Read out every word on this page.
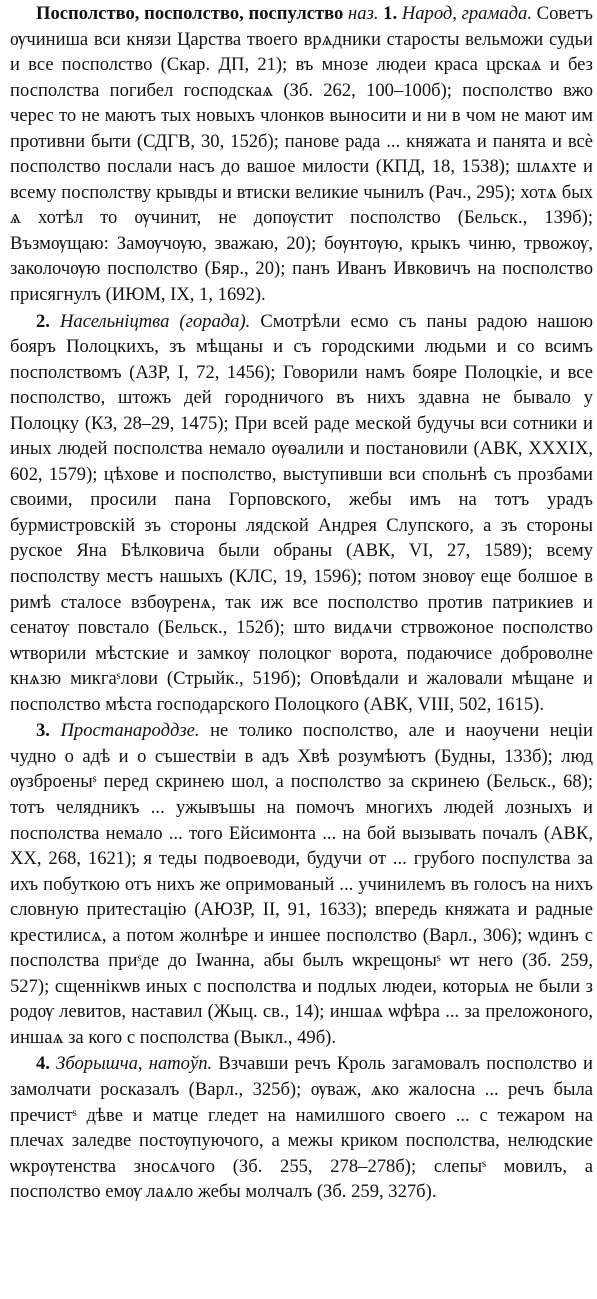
Посполство, посполство, поспулство наз. 1. Народ, грамада. Советъ ѹчиниша вси князи Царства твоего врѧдники старосты вельможи судьи и все посполство (Скар. ДП, 21); въ мнозе людеи краса црскаѧ и без посполства погибел господскаѧ (Зб. 262, 100–100б); посполство вжо черес то не маютъ тых новыхъ члонков выносити и ни в чом не мают им противни быти (СДГВ, 30, 152б); панове рада ... княжата и панята и всѐ посполство послали насъ до вашое милости (КПД, 18, 1538); шлѧхте и всему посполству крывды и втиски великие чынилъ (Рач., 295); хотѧ бых ѧ хотѣл то ѹчинит, не допѹстит посполство (Бельск., 139б); Възмѹщаю: Замѹчѹю, зважаю, 20); бѹнтѹю, крыкъ чиню, трвожѹ, заколочѹю посполство (Бяр., 20); панъ Иванъ Ивковичъ на посполство присягнулъ (ИЮМ, IX, 1, 1692).

2. Насельніцтва (горада). Смотрѣли есмо съ паны радою нашою бояръ Полоцкихъ, зъ мѣщаны и съ городскими людьми и со всимъ посполствомъ (АЗР, I, 72, 1456); Говорили намъ бояре Полоцкіе, и все посполство, штожъ дей городничого въ нихъ здавна не бывало у Полоцку (КЗ, 28–29, 1475); При всей раде меской будучы вси сотники и иных людей посполства немало ѹѳалили и постановили (АВК, XXXIX, 602, 1579); цѣхове и посполство, выступивши вси спольнѣ съ прозбами своими, просили пана Горповского, жебы имъ на тотъ урадъ бурмистровскій зъ стороны лядской Андрея Слупского, а зъ стороны руское Яна Бѣлковича были обраны (АВК, VI, 27, 1589); всему посполству местъ нашыхъ (КЛС, 19, 1596); потом зновѹ еще болшое в римѣ сталосе взбѹренѧ, так иж все посполство против патрикиев и сенатѹ повстало (Бельск., 152б); што видѧчи стрвожоное посполство ѡтворили мѣстские и замкѹ полоцког ворота, подаючисе доброволне кнѧзю микгаˢлови (Стрыйк., 519б); Оповѣдали и жаловали мѣщане и посполство мѣста господарского Полоцкого (АВК, VIII, 502, 1615).

3. Простанароддзе. не толико посполство, але и наоучени неціи чудно о адѣ и о съшествіи в адъ Хвѣ розумѣютъ (Будны, 133б); люд ѹзброеныˢ перед скринею шол, а посполство за скринею (Бельск., 68); тотъ челядникъ ... ужывъшы на помочъ многихъ людей лозныхъ и посполства немало ... того Ейсимонта ... на бой вызывать почалъ (АВК, XX, 268, 1621); я теды подвоеводи, будучи от ... грубого поспулства за ихъ побуткою отъ нихъ же опримованый ... учинилемъ въ голосъ на нихъ словную притестацію (АЮЗР, II, 91, 1633); впередь княжата и радные крестилисѧ, а потом жолнѣре и иншее посполство (Варл., 306); ѡдинъ с посполства приˢде до Іѡанна, абы былъ ѡкрещоныˢ ѡт него (Зб. 259, 527); сщеннікѡв иных с посполства и подлых людеи, которыѧ не были з родѹ левитов, наставил (Жыц. св., 14); иншаѧ ѡфѣра ... за преложоного, иншаѧ за кого с посполства (Выкл., 49б).

4. Зборышча, натоўп. Взчавши речъ Кроль загамовалъ посполство и замолчати росказалъ (Варл., 325б); ѹваж, ѧко жалосна ... речъ была пречистˢ дѣве и матце гледет на намилшого своего ... с тежаром на плечах заледве постѹпуючого, а межы криком посполства, нелюдские ѡкрѹтенства зносѧчого (Зб. 255, 278–278б); слепыˢ мовилъ, а посполство емѹ лаѧло жебы молчалъ (Зб. 259, 327б).
